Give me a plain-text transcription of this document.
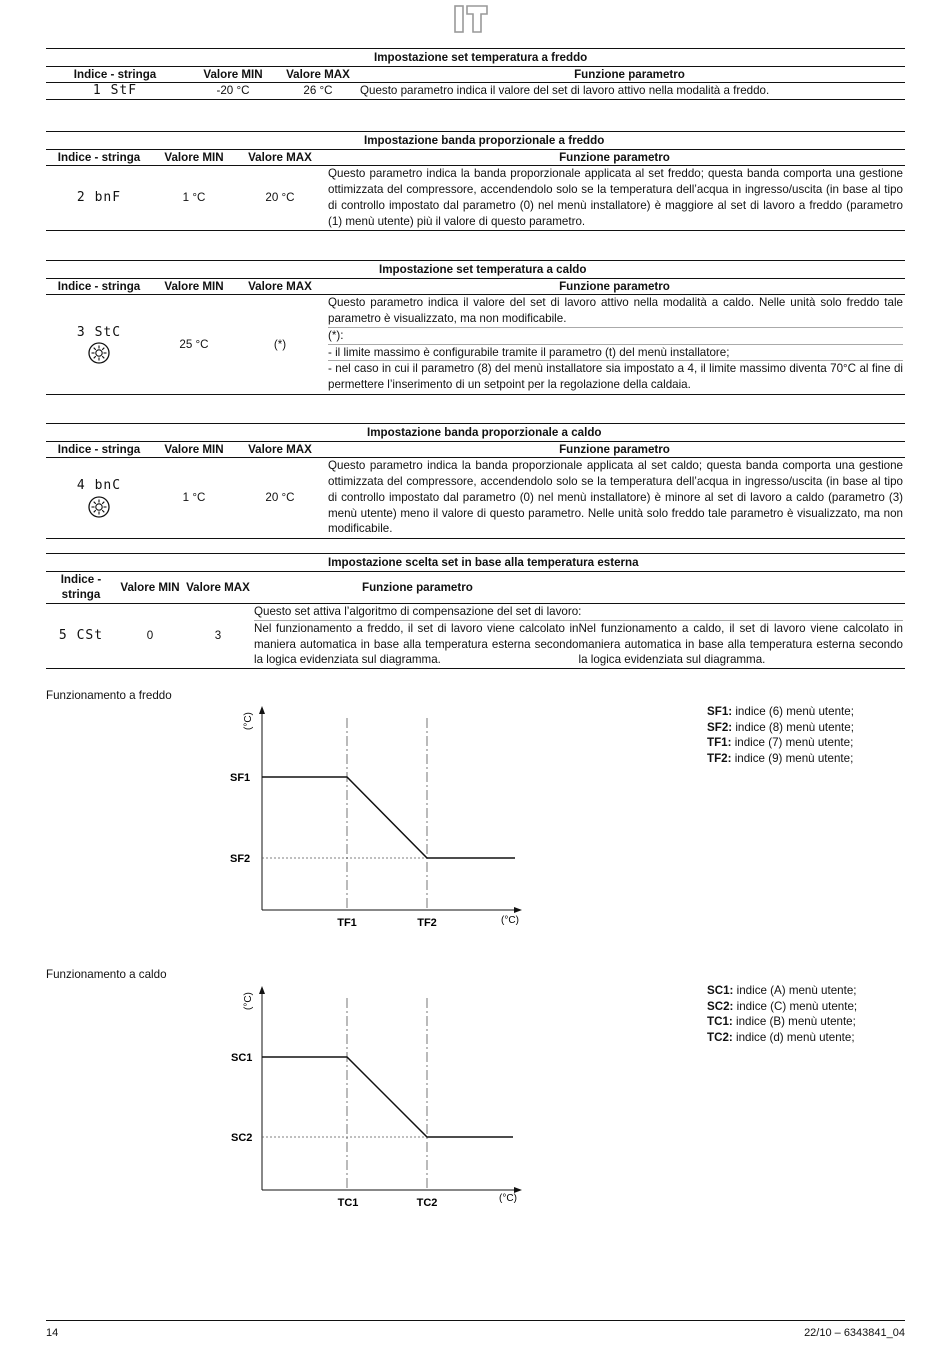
			Impostazione set temperatura a freddo
Indice - stringa	Valore MIN	Valore MAX	Funzione parametro
1 StF	-20 °C	26 °C	Questo parametro indica il valore del set di lavoro attivo nella modalità a freddo.
			Impostazione banda proporzionale a freddo
Indice - stringa	Valore MIN	Valore MAX	Funzione parametro
2 bnF	1 °C	20 °C	Questo parametro indica la banda proporzionale applicata al set freddo; questa banda comporta una gestione ottimizzata del compressore, accendendolo solo se la temperatura dell’acqua in ingresso/uscita (in base al tipo di controllo impostato dal parametro (0) nel menù installatore) è maggiore al set di lavoro a freddo (parametro (1) menù utente) più il valore di questo parametro.
			Impostazione set temperatura a caldo
Indice - stringa	Valore MIN	Valore MAX	Funzione parametro
3 StC	25 °C	(*)	Questo parametro indica il valore del set di lavoro attivo nella modalità a caldo. Nelle unità solo freddo tale parametro è visualizzato, ma non modificabile.
(*):
- il limite massimo è configurabile tramite il parametro (t) del menù installatore;
- nel caso in cui il parametro (8) del menù installatore sia impostato a 4, il limite massimo diventa 70°C al fine di permettere l’inserimento di un setpoint per la regolazione della caldaia.
			Impostazione banda proporzionale a caldo
Indice - stringa	Valore MIN	Valore MAX	Funzione parametro
4 bnC	1 °C	20 °C	Questo parametro indica la banda proporzionale applicata al set caldo; questa banda comporta una gestione ottimizzata del compressore, accendendolo solo se la temperatura dell’acqua in ingresso/uscita (in base al tipo di controllo impostato dal parametro (0) nel menù installatore) è minore al set di lavoro a caldo (parametro (3) menù utente) meno il valore di questo parametro. Nelle unità solo freddo tale parametro è visualizzato, ma non modificabile.
			Impostazione scelta set in base alla temperatura esterna
Indice - stringa	Valore MIN	Valore MAX	Funzione parametro
5 CSt	0	3	Questo set attiva l’algoritmo di compensazione del set di lavoro:
Nel funzionamento a freddo, il set di lavoro viene calcolato in maniera automatica in base alla temperatura esterna secondo la logica evidenziata sul diagramma.
Nel funzionamento a caldo, il set di lavoro viene calcolato in maniera automatica in base alla temperatura esterna secondo la logica evidenziata sul diagramma.
Funzionamento a freddo
(°C)
SF1
SF2
TF1	TF2	(°C)
SF1: indice (6) menù utente;
SF2: indice (8) menù utente;
TF1: indice (7) menù utente;
TF2: indice (9) menù utente;
Funzionamento a caldo
(°C)
SC1
SC2
TC1	TC2	(°C)
SC1: indice (A) menù utente;
SC2: indice (C) menù utente;
TC1: indice (B) menù utente;
TC2: indice (d) menù utente;
14	22/10 – 6343841_04
